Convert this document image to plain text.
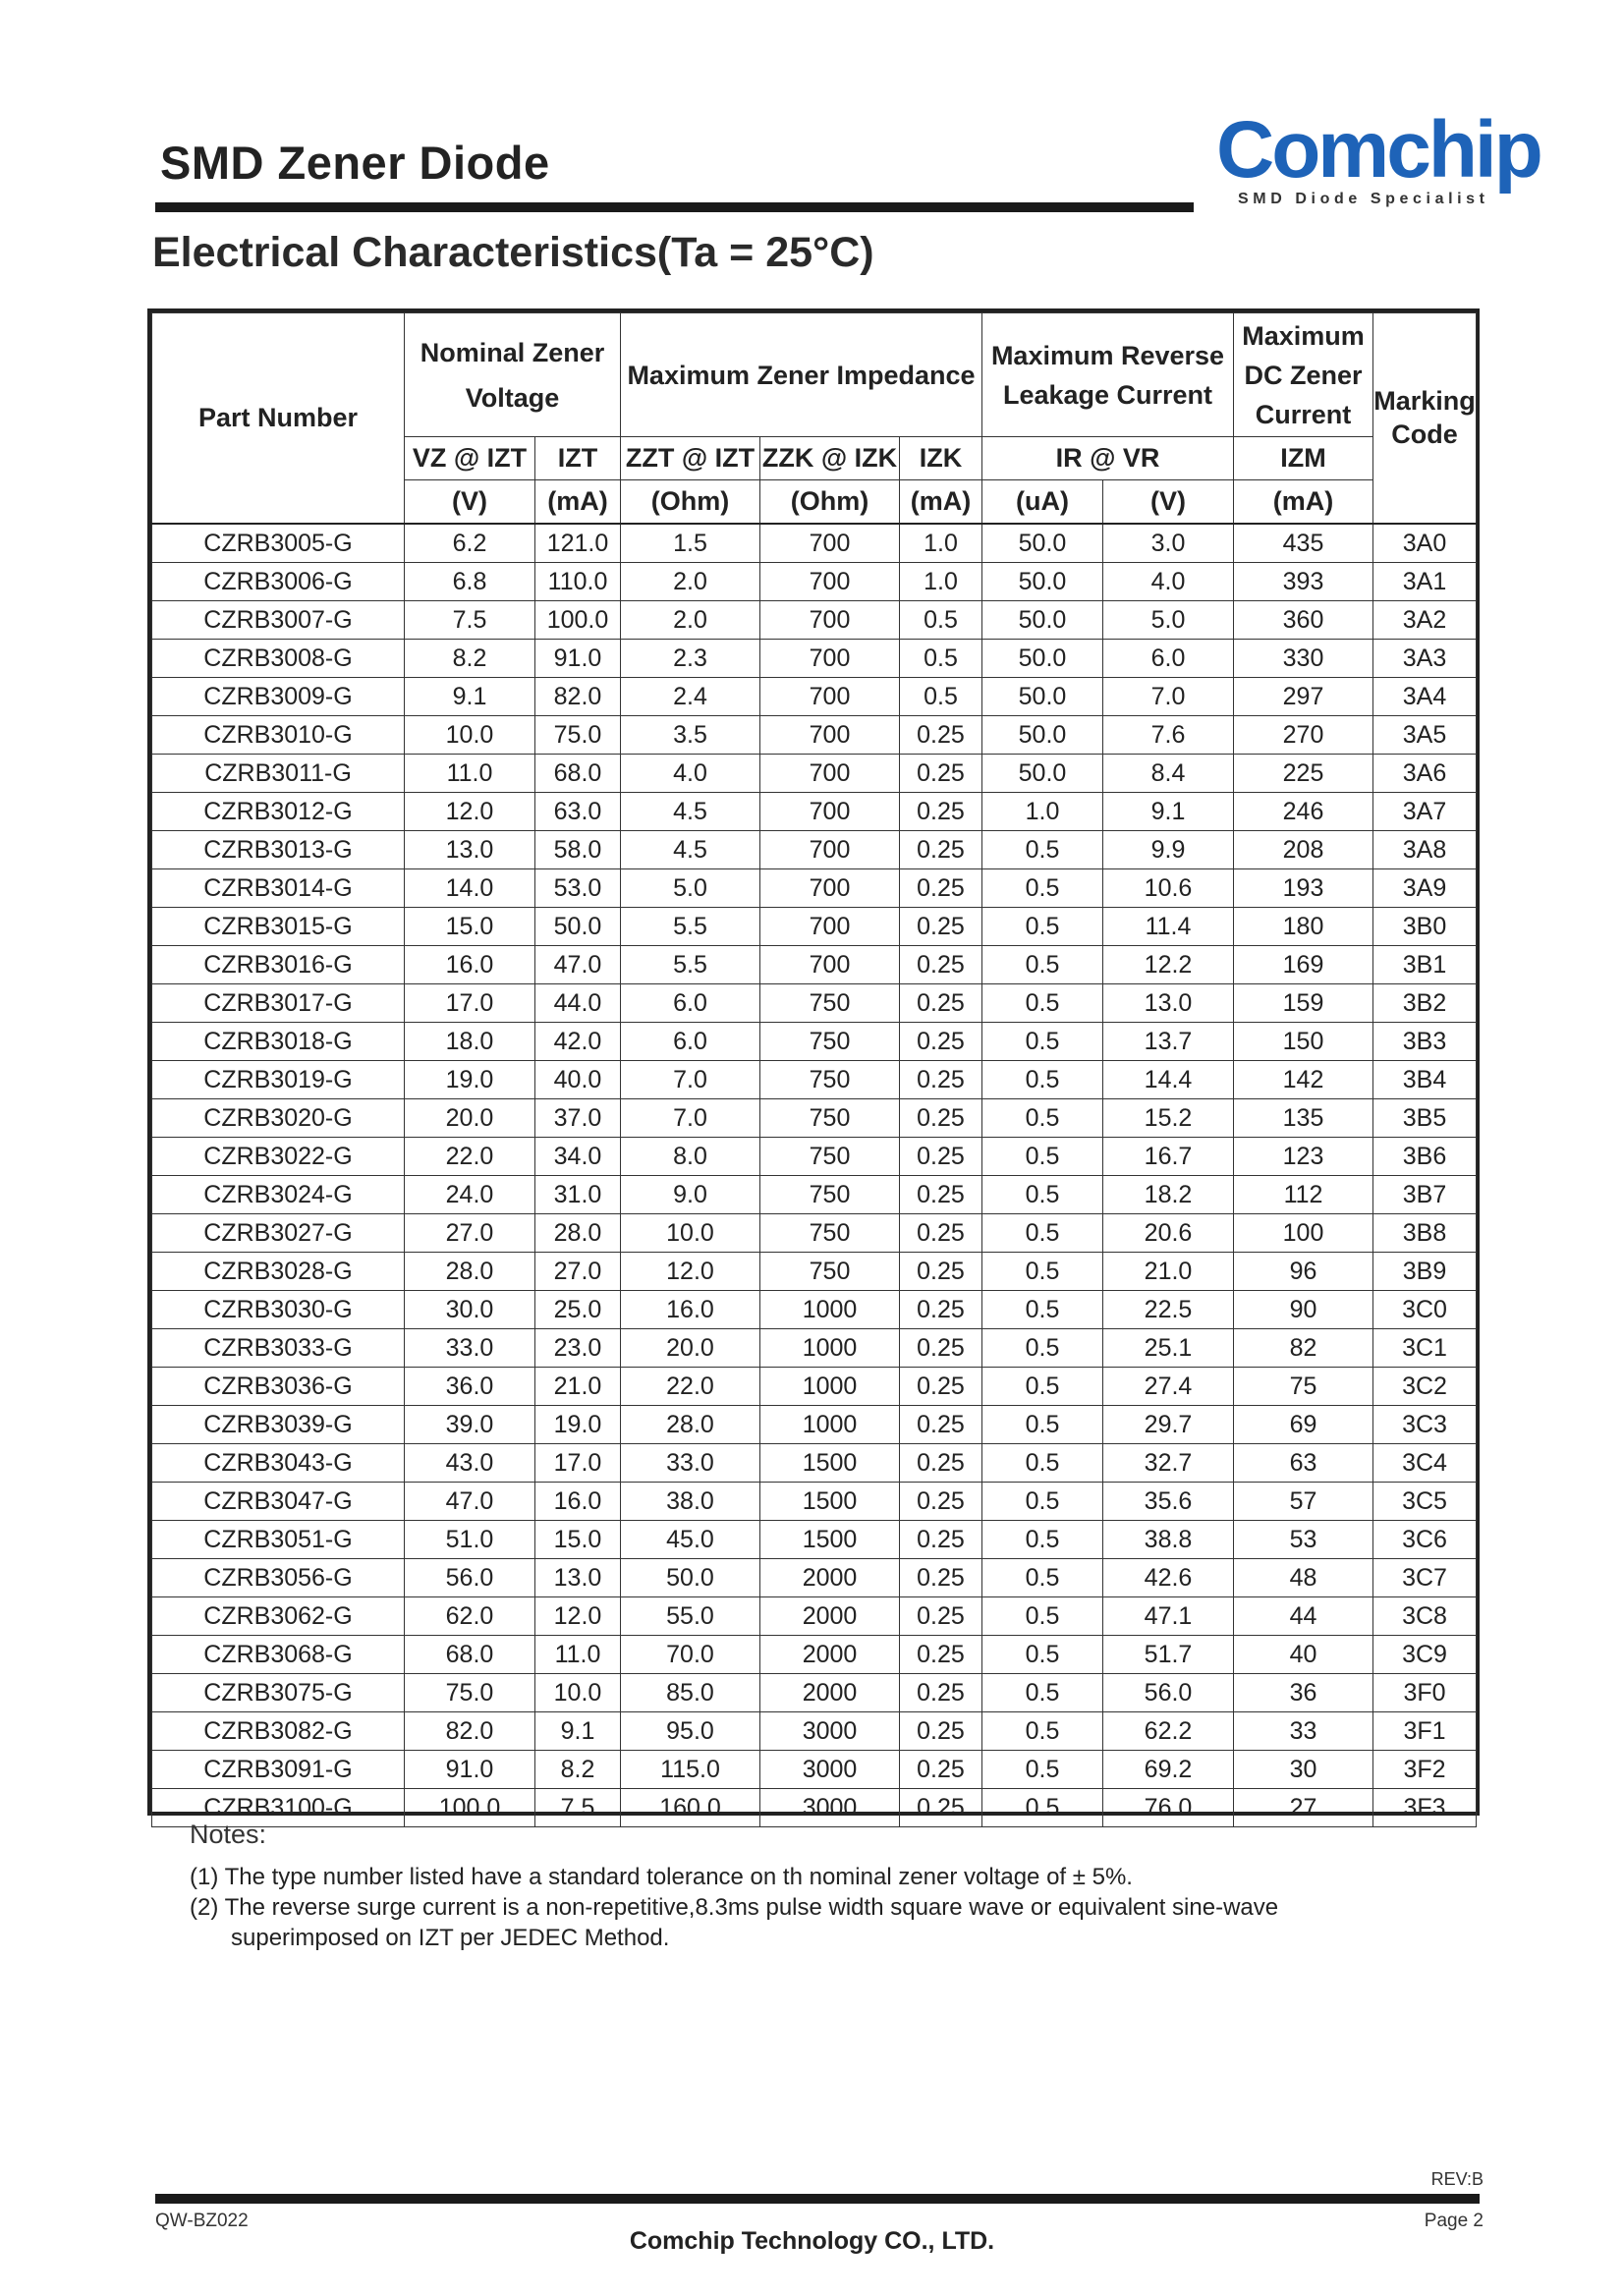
SMD Zener Diode	Comchip
SMD Diode Specialist
Electrical Characteristics(Ta = 25°C)
Part Number	Nominal Zener Voltage		Maximum Zener Impedance			Maximum Reverse Leakage Current		Maximum DC Zener Current	Marking Code
	VZ @ IZT	IZT	ZZT @ IZT	ZZK @ IZK	IZK	IR @ VR		IZM	
	(V)	(mA)	(Ohm)	(Ohm)	(mA)	(uA)	(V)	(mA)	
CZRB3005-G	6.2	121.0	1.5	700	1.0	50.0	3.0	435	3A0
CZRB3006-G	6.8	110.0	2.0	700	1.0	50.0	4.0	393	3A1
CZRB3007-G	7.5	100.0	2.0	700	0.5	50.0	5.0	360	3A2
CZRB3008-G	8.2	91.0	2.3	700	0.5	50.0	6.0	330	3A3
CZRB3009-G	9.1	82.0	2.4	700	0.5	50.0	7.0	297	3A4
CZRB3010-G	10.0	75.0	3.5	700	0.25	50.0	7.6	270	3A5
CZRB3011-G	11.0	68.0	4.0	700	0.25	50.0	8.4	225	3A6
CZRB3012-G	12.0	63.0	4.5	700	0.25	1.0	9.1	246	3A7
CZRB3013-G	13.0	58.0	4.5	700	0.25	0.5	9.9	208	3A8
CZRB3014-G	14.0	53.0	5.0	700	0.25	0.5	10.6	193	3A9
CZRB3015-G	15.0	50.0	5.5	700	0.25	0.5	11.4	180	3B0
CZRB3016-G	16.0	47.0	5.5	700	0.25	0.5	12.2	169	3B1
CZRB3017-G	17.0	44.0	6.0	750	0.25	0.5	13.0	159	3B2
CZRB3018-G	18.0	42.0	6.0	750	0.25	0.5	13.7	150	3B3
CZRB3019-G	19.0	40.0	7.0	750	0.25	0.5	14.4	142	3B4
CZRB3020-G	20.0	37.0	7.0	750	0.25	0.5	15.2	135	3B5
CZRB3022-G	22.0	34.0	8.0	750	0.25	0.5	16.7	123	3B6
CZRB3024-G	24.0	31.0	9.0	750	0.25	0.5	18.2	112	3B7
CZRB3027-G	27.0	28.0	10.0	750	0.25	0.5	20.6	100	3B8
CZRB3028-G	28.0	27.0	12.0	750	0.25	0.5	21.0	96	3B9
CZRB3030-G	30.0	25.0	16.0	1000	0.25	0.5	22.5	90	3C0
CZRB3033-G	33.0	23.0	20.0	1000	0.25	0.5	25.1	82	3C1
CZRB3036-G	36.0	21.0	22.0	1000	0.25	0.5	27.4	75	3C2
CZRB3039-G	39.0	19.0	28.0	1000	0.25	0.5	29.7	69	3C3
CZRB3043-G	43.0	17.0	33.0	1500	0.25	0.5	32.7	63	3C4
CZRB3047-G	47.0	16.0	38.0	1500	0.25	0.5	35.6	57	3C5
CZRB3051-G	51.0	15.0	45.0	1500	0.25	0.5	38.8	53	3C6
CZRB3056-G	56.0	13.0	50.0	2000	0.25	0.5	42.6	48	3C7
CZRB3062-G	62.0	12.0	55.0	2000	0.25	0.5	47.1	44	3C8
CZRB3068-G	68.0	11.0	70.0	2000	0.25	0.5	51.7	40	3C9
CZRB3075-G	75.0	10.0	85.0	2000	0.25	0.5	56.0	36	3F0
CZRB3082-G	82.0	9.1	95.0	3000	0.25	0.5	62.2	33	3F1
CZRB3091-G	91.0	8.2	115.0	3000	0.25	0.5	69.2	30	3F2
CZRB3100-G	100.0	7.5	160.0	3000	0.25	0.5	76.0	27	3F3
Notes:
(1) The type number listed have a standard tolerance on th nominal zener voltage of ± 5%.
(2) The reverse surge current is a non-repetitive,8.3ms pulse width square wave or equivalent sine-wave superimposed on IZT per JEDEC Method.
REV:B
QW-BZ022	Page 2
Comchip Technology CO., LTD.
